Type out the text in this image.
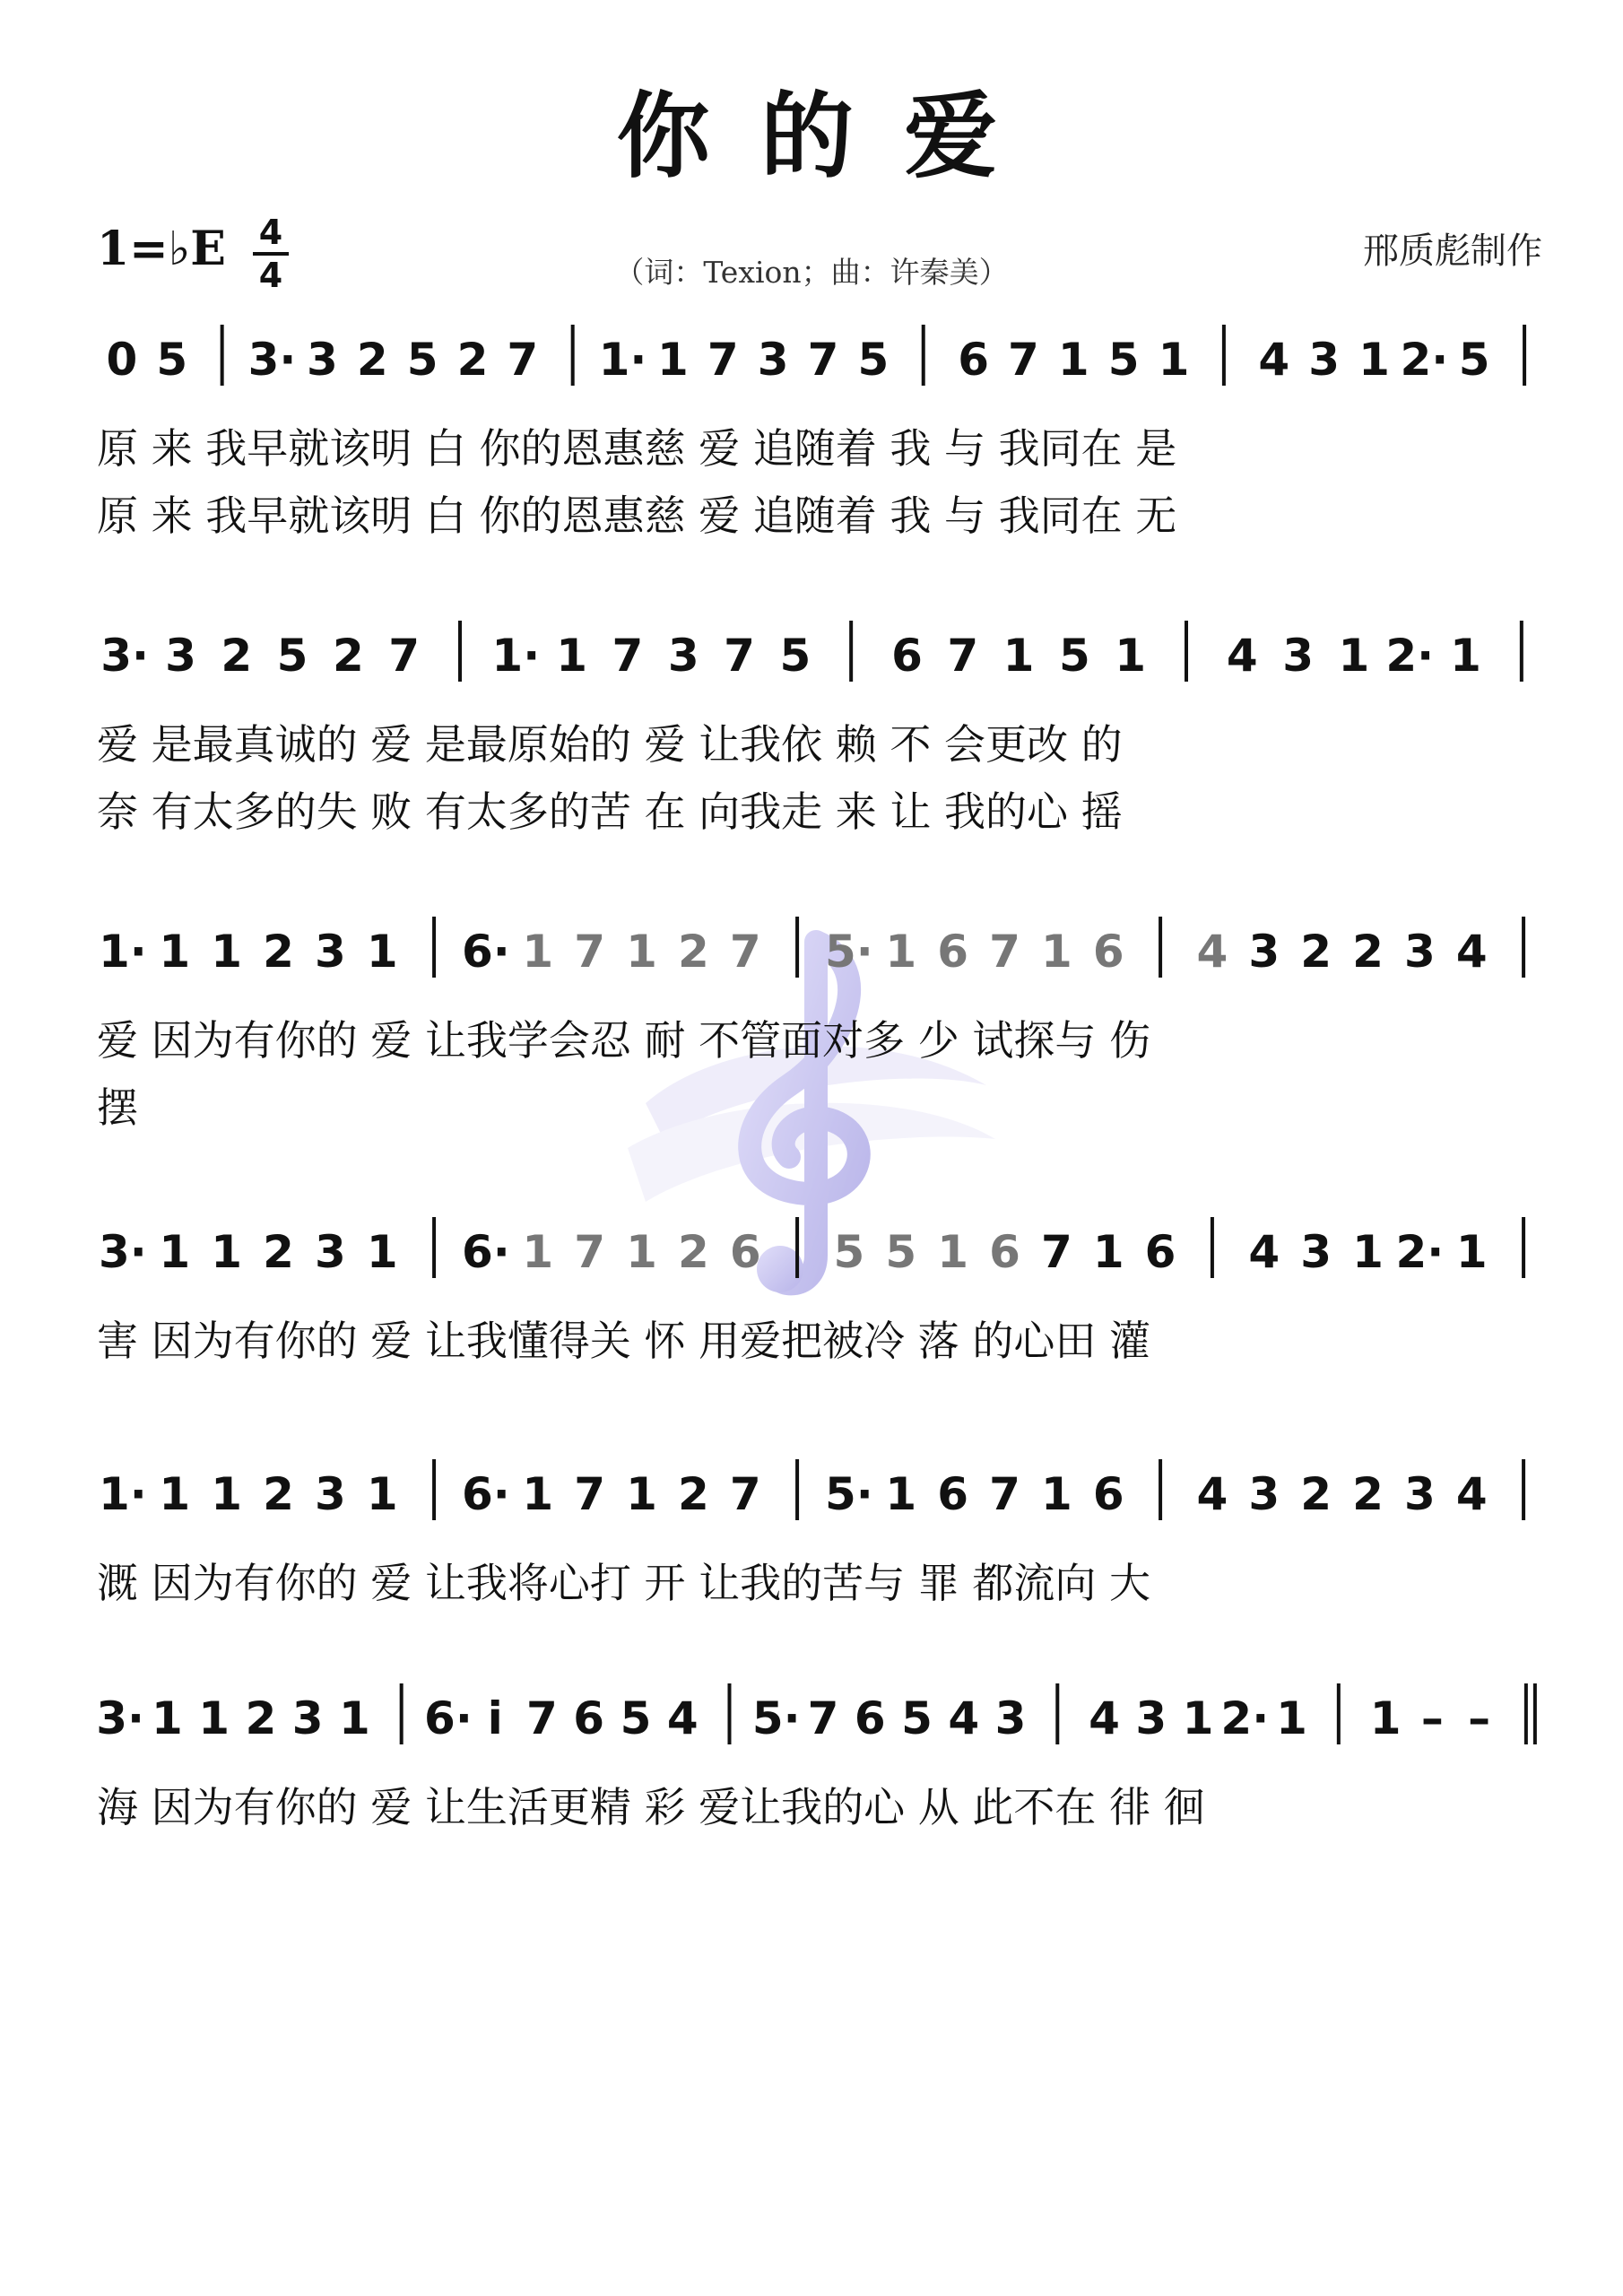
你 的 爱
1=♭E 4
4	（词：Texion；曲：许秦美）
邢质彪制作
0 5 3· 3 2 5 2 7 1· 1 7 3 7 5 6 7 1 5 1 4 3 1 2· 5
3· 3 2 5 2 7 1· 1 7 3 7 5 6 7 1 5 1 4 3 1 2· 1
1· 1 1 2 3 1 6· 1 7 1 2 7 5· 1 6 7 1 6 4 3 2 2 3 4
3· 1 1 2 3 1 6· 1 7 1 2 6 5 5 1 6 7 1 6 4 3 1 2· 1
1· 1 1 2 3 1 6· 1 7 1 2 7 5· 1 6 7 1 6 4 3 2 2 3 4
3· 1 1 2 3 1 6· i 7 6 5 4 5· 7 6 5 4 3 4 3 1 2· 1 1 – –
原 来 我早就该明 白 你的恩惠慈 爱 追随着 我 与 我同在 是
原 来 我早就该明 白 你的恩惠慈 爱 追随着 我 与 我同在 无
爱 是最真诚的 爱 是最原始的 爱 让我依 赖 不 会更改 的
奈 有太多的失 败 有太多的苦 在 向我走 来 让 我的心 摇
爱 因为有你的 爱 让我学会忍 耐 不管面对多 少 试探与 伤
摆
害 因为有你的 爱 让我懂得关 怀 用爱把被冷 落 的心田 灌
溉 因为有你的 爱 让我将心打 开 让我的苦与 罪 都流向 大
海 因为有你的 爱 让生活更精 彩 爱让我的心 从 此不在 徘 徊
